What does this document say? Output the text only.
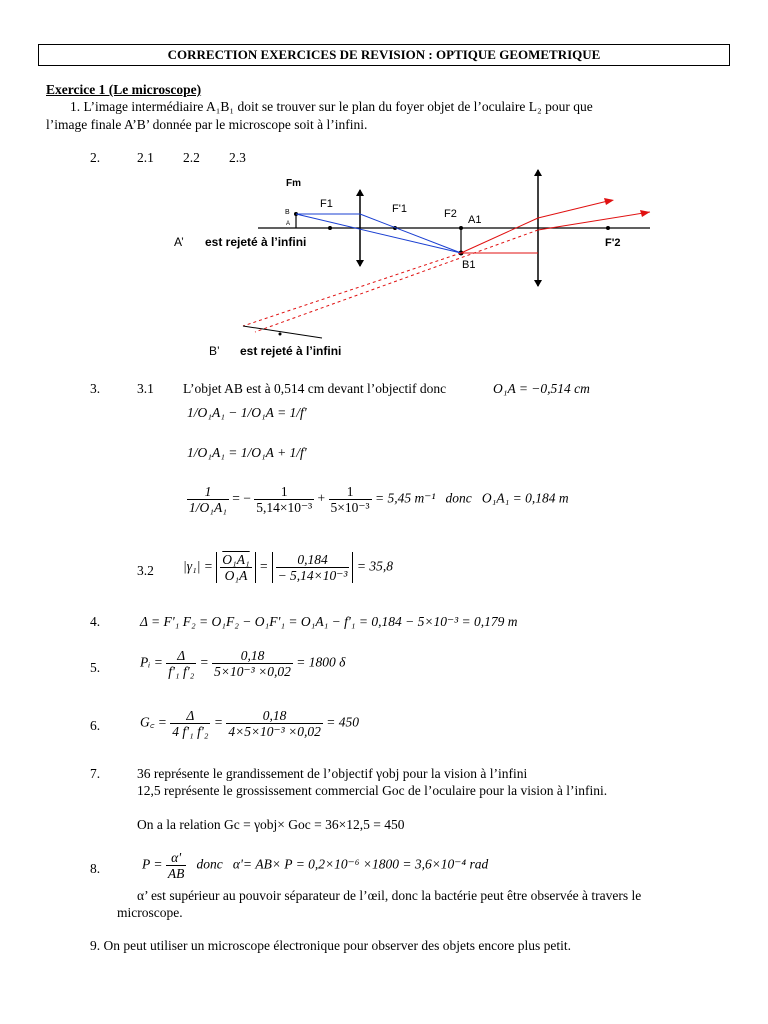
CORRECTION EXERCICES DE REVISION : OPTIQUE GEOMETRIQUE
Exercice 1 (Le microscope)
1. L’image intermédiaire A₁B₁ doit se trouver sur le plan du foyer objet de l’oculaire L₂ pour que
l’image finale A’B’ donnée par le microscope soit à l’infini.
2.	2.1 2.2 2.3
Fm
B
A
F1	F'1	F2 A1
B1
F'2
A’ est rejeté à l’infini
B’ est rejeté à l’infini
3.	3.1 L’objet AB est à 0,514 cm devant l’objectif donc	O₁A = −0,514 cm
1/O₁A₁ − 1/O₁A = 1/f'
1/O₁A₁ = 1/O₁A + 1/f'
$\frac{1}{\text{1/O₁A₁}}$ = − $\frac{1}{\text{5,14×10⁻³}} + \frac{1}{\text{5×10⁻³}} = 5,45$ m⁻¹ donc O₁A₁ = 0,184 m
3.2 $|\gamma_1| = \frac{\text{O₁A₁}}{\text{O₁A}} = \frac{0,184}{\text{− 5,14×10⁻³}} = 35,8$
4.	Δ = F'₁ F₂ = O₁F₂ − O₁F'₁ = O₁A₁ − f'₁ = 0,184 − 5×10⁻³ = 0,179 m
5.	Pᵢ = $\frac{\Delta}{\text{f'₁ f'₂}} = \frac{0,18}{\text{5×10⁻³ ×0,02}} = 1800$ δ
6.	G꜀ = $\frac{\Delta}{\text{4 f'₁ f'₂}} = \frac{0,18}{\text{4×5×10⁻³ ×0,02}} = 450$
7.	36 représente le grandissement de l’objectif γobj pour la vision à l’infini
12,5 représente le grossissement commercial Goc de l’oculaire pour la vision à l’infini.
On a la relation Gc = γobj× Goc = 36×12,5 = 450
8.	$P = \frac{\alpha'}{AB}$ donc α'= AB× P = 0,2×10⁻⁶ ×1800 = 3,6×10⁻⁴ rad
α’ est supérieur au pouvoir séparateur de l’œil, donc la bactérie peut être observée à travers le
microscope.
9. On peut utiliser un microscope électronique pour observer des objets encore plus petit.
